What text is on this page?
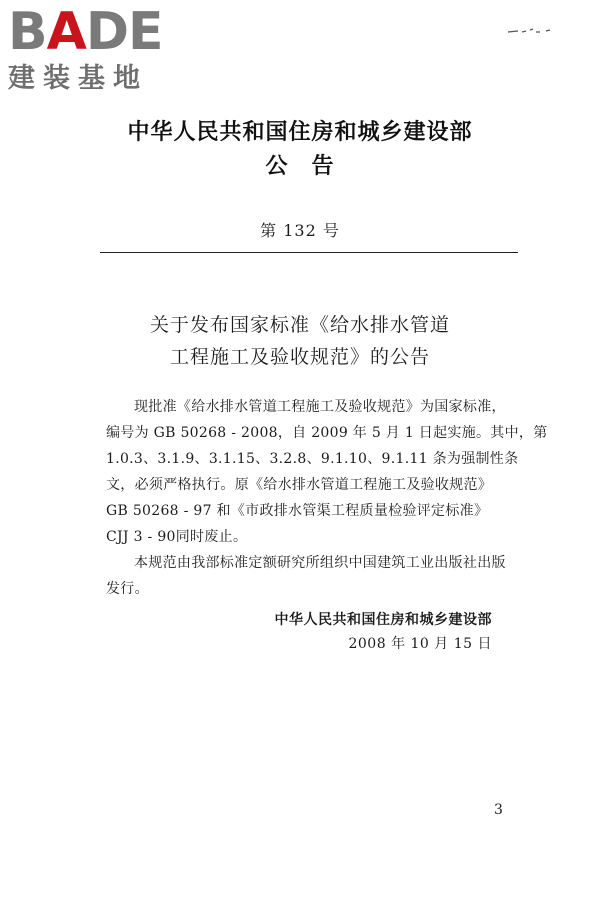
BADE
建装基地
中华人民共和国住房和城乡建设部
公　告
第 132 号
关于发布国家标准《给水排水管道
工程施工及验收规范》的公告
现批准《给水排水管道工程施工及验收规范》为国家标准，
编号为 GB 50268 - 2008，自 2009 年 5 月 1 日起实施。其中，第
1.0.3、3.1.9、3.1.15、3.2.8、9.1.10、9.1.11 条为强制性条
文，必须严格执行。原《给水排水管道工程施工及验收规范》
GB 50268 - 97 和《市政排水管渠工程质量检验评定标准》
CJJ 3 - 90同时废止。
本规范由我部标准定额研究所组织中国建筑工业出版社出版
发行。
中华人民共和国住房和城乡建设部
2008 年 10 月 15 日
3
